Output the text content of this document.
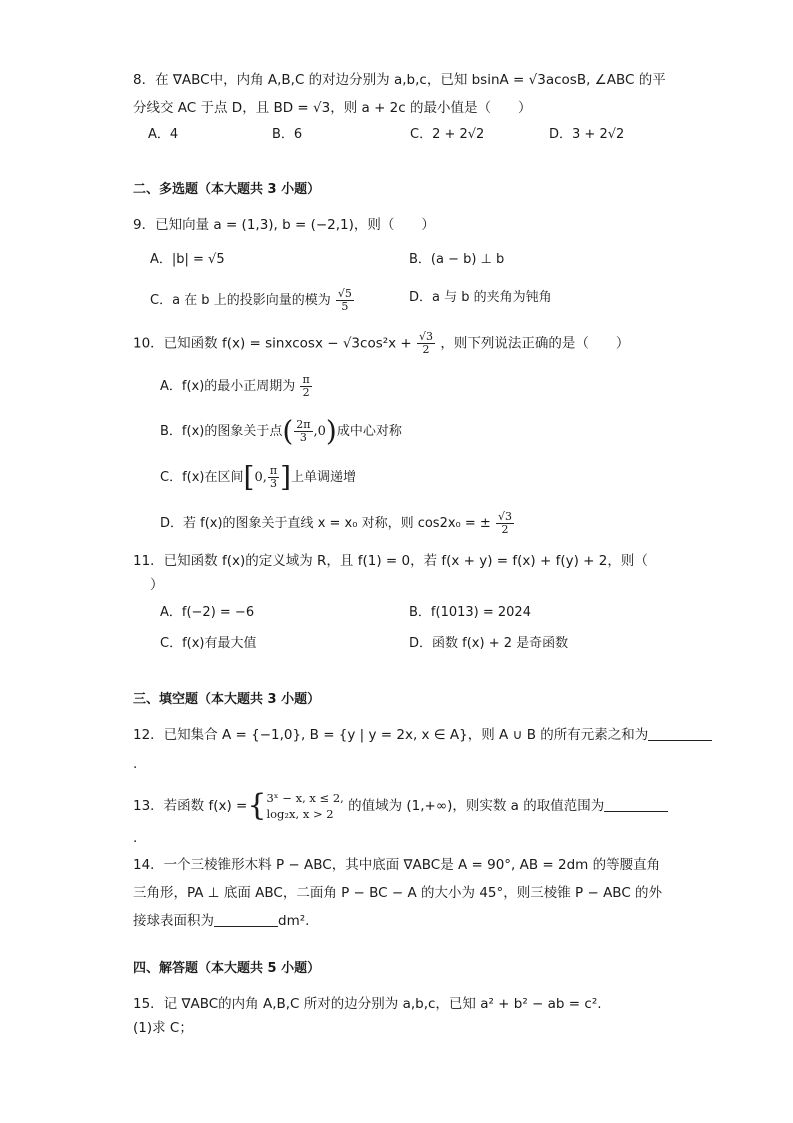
8．在 ∇ABC中，内角 A,B,C 的对边分别为 a,b,c，已知 bsinA = √3acosB, ∠ABC 的平
分线交 AC 于点 D，且 BD = √3，则 a + 2c 的最小值是（　　）
A．4	B．6	C．2 + 2√2	D．3 + 2√2
二、多选题（本大题共 3 小题）
9．已知向量 a = (1,3), b = (−2,1)，则（　　）
A．|b| = √5	B．(a − b) ⊥ b
C．a 在 b 上的投影向量的模为 $\frac{√5}{5}$	D．a 与 b 的夹角为钝角
10．已知函数 f(x) = sinxcosx − $√3\cos^2x + \frac{√3}{2}$ ，则下列说法正确的是（　　）
A．f(x)的最小正周期为 $\frac{\pi}{2}$
B．f(x)的图象关于点( $\frac{2\pi}{3} ,0$)成中心对称
C．f(x)在区间[0, $\frac{\pi}{3}$ ]上单调递增
D．若 f(x)的图象关于直线 x = x₀ 对称，则 cos2x₀ = ± $\frac{√3}{2}$
11．已知函数 f(x)的定义域为 R，且 f(1) = 0，若 f(x + y) = f(x) + f(y) + 2，则（
）
A．f(−2) = −6	B．f(1013) = 2024
C．f(x)有最大值	D．函数 f(x) + 2 是奇函数
三、填空题（本大题共 3 小题）
12．已知集合 A = {−1,0}, B = {y | y = 2x, x ∈ A}，则 A ∪ B 的所有元素之和为
.
13．若函数 f(x) ={ 3ˣ − x, x ≤ 2,
log₂x, x > 2	的值域为 (1,+∞)，则实数 a 的取值范围为
.
14．一个三棱锥形木料 P − ABC，其中底面 ∇ABC是 A = 90°, AB = 2dm 的等腰直角
三角形，PA ⊥ 底面 ABC，二面角 P − BC − A 的大小为 45°，则三棱锥 P − ABC 的外
接球表面积为	dm².
四、解答题（本大题共 5 小题）
15．记 ∇ABC的内角 A,B,C 所对的边分别为 a,b,c，已知 a² + b² − ab = c².
(1)求 C；
